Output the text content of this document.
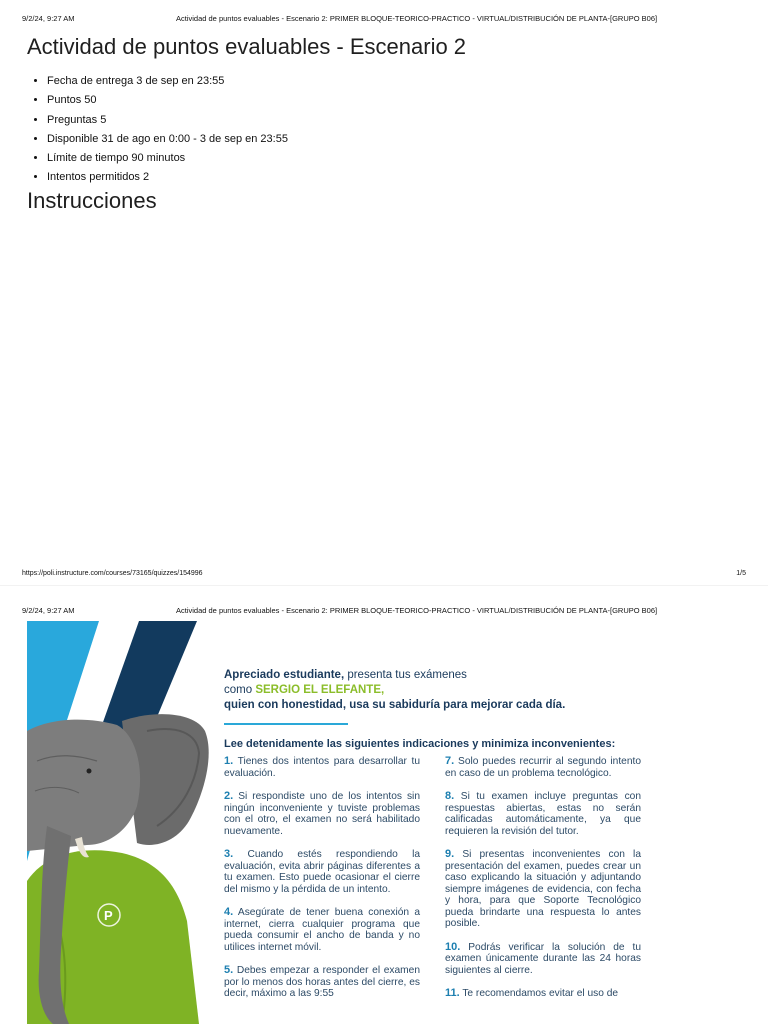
9/2/24, 9:27 AM	Actividad de puntos evaluables - Escenario 2: PRIMER BLOQUE-TEORICO-PRACTICO - VIRTUAL/DISTRIBUCIÓN DE PLANTA-[GRUPO B06]
Actividad de puntos evaluables - Escenario 2
• Fecha de entrega 3 de sep en 23:55
• Puntos 50
• Preguntas 5
• Disponible 31 de ago en 0:00 - 3 de sep en 23:55
• Límite de tiempo 90 minutos
• Intentos permitidos 2
Instrucciones
https://poli.instructure.com/courses/73165/quizzes/154996	1/5
9/2/24, 9:27 AM	Actividad de puntos evaluables - Escenario 2: PRIMER BLOQUE-TEORICO-PRACTICO - VIRTUAL/DISTRIBUCIÓN DE PLANTA-[GRUPO B06]
P
Apreciado estudiante, presenta tus exámenes
como SERGIO EL ELEFANTE,
quien con honestidad, usa su sabiduría para mejorar cada día.
Lee detenidamente las siguientes indicaciones y minimiza inconvenientes:

1. Tienes dos intentos para desarrollar tu evaluación.

2. Si respondiste uno de los intentos sin ningún inconveniente y tuviste problemas con el otro, el examen no será habilitado nuevamente.

3. Cuando estés respondiendo la evaluación, evita abrir páginas diferentes a tu examen. Esto puede ocasionar el cierre del mismo y la pérdida de un intento.

4. Asegúrate de tener buena conexión a internet, cierra cualquier programa que pueda consumir el ancho de banda y no utilices internet móvil.

5. Debes empezar a responder el examen por lo menos dos horas antes del cierre, es decir, máximo a las 9:55

7. Solo puedes recurrir al segundo intento en caso de un problema tecnológico.

8. Si tu examen incluye preguntas con respuestas abiertas, estas no serán calificadas automáticamente, ya que requieren la revisión del tutor.

9. Si presentas inconvenientes con la presentación del examen, puedes crear un caso explicando la situación y adjuntando siempre imágenes de evidencia, con fecha y hora, para que Soporte Tecnológico pueda brindarte una respuesta lo antes posible.

10. Podrás verificar la solución de tu examen únicamente durante las 24 horas siguientes al cierre.

11. Te recomendamos evitar el uso de
